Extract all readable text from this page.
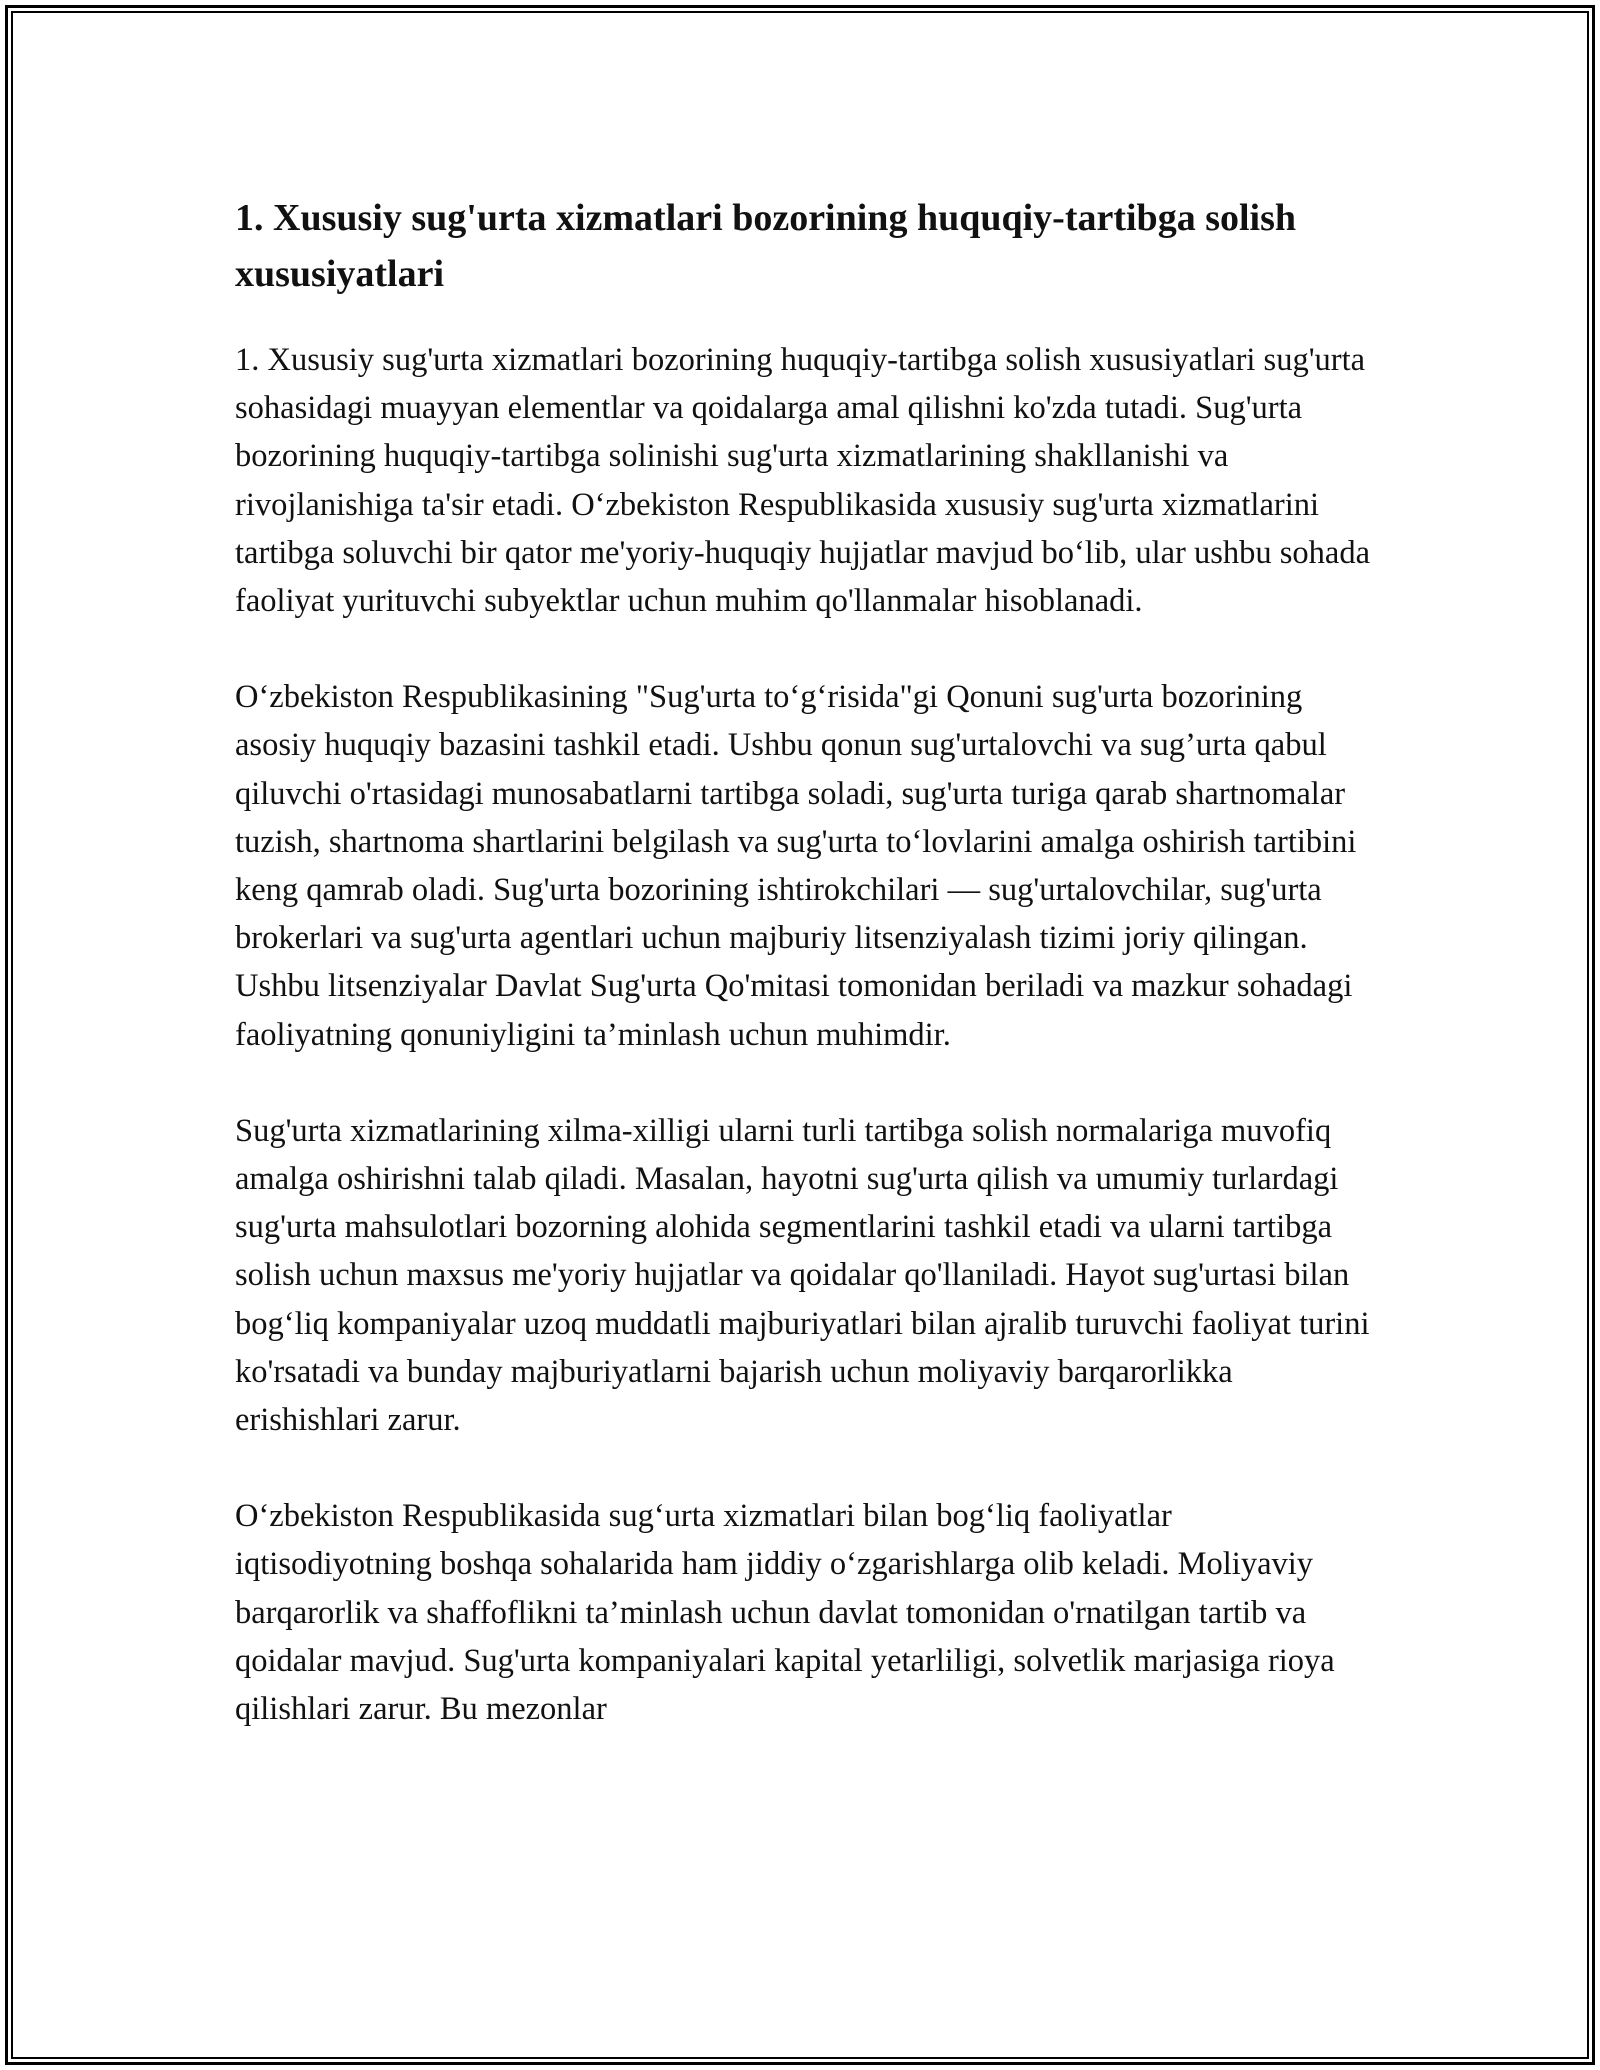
1. Xususiy sug'urta xizmatlari bozorining huquqiy-tartibga solish xususiyatlari

1. Xususiy sug'urta xizmatlari bozorining huquqiy-tartibga solish xususiyatlari sug'urta sohasidagi muayyan elementlar va qoidalarga amal qilishni ko'zda tutadi. Sug'urta bozorining huquqiy-tartibga solinishi sug'urta xizmatlarining shakllanishi va rivojlanishiga ta'sir etadi. O‘zbekiston Respublikasida xususiy sug'urta xizmatlarini tartibga soluvchi bir qator me'yoriy-huquqiy hujjatlar mavjud bo‘lib, ular ushbu sohada faoliyat yurituvchi subyektlar uchun muhim qo'llanmalar hisoblanadi.

O‘zbekiston Respublikasining "Sug'urta to‘g‘risida"gi Qonuni sug'urta bozorining asosiy huquqiy bazasini tashkil etadi. Ushbu qonun sug'urtalovchi va sug’urta qabul qiluvchi o'rtasidagi munosabatlarni tartibga soladi, sug'urta turiga qarab shartnomalar tuzish, shartnoma shartlarini belgilash va sug'urta to‘lovlarini amalga oshirish tartibini keng qamrab oladi. Sug'urta bozorining ishtirokchilari — sug'urtalovchilar, sug'urta brokerlari va sug'urta agentlari uchun majburiy litsenziyalash tizimi joriy qilingan. Ushbu litsenziyalar Davlat Sug'urta Qo'mitasi tomonidan beriladi va mazkur sohadagi faoliyatning qonuniyligini ta’minlash uchun muhimdir.

Sug'urta xizmatlarining xilma-xilligi ularni turli tartibga solish normalariga muvofiq amalga oshirishni talab qiladi. Masalan, hayotni sug'urta qilish va umumiy turlardagi sug'urta mahsulotlari bozorning alohida segmentlarini tashkil etadi va ularni tartibga solish uchun maxsus me'yoriy hujjatlar va qoidalar qo'llaniladi. Hayot sug'urtasi bilan bog‘liq kompaniyalar uzoq muddatli majburiyatlari bilan ajralib turuvchi faoliyat turini ko'rsatadi va bunday majburiyatlarni bajarish uchun moliyaviy barqarorlikka erishishlari zarur.

O‘zbekiston Respublikasida sug‘urta xizmatlari bilan bog‘liq faoliyatlar iqtisodiyotning boshqa sohalarida ham jiddiy o‘zgarishlarga olib keladi. Moliyaviy barqarorlik va shaffoflikni ta’minlash uchun davlat tomonidan o'rnatilgan tartib va qoidalar mavjud. Sug'urta kompaniyalari kapital yetarliligi, solvetlik marjasiga rioya qilishlari zarur. Bu mezonlar
